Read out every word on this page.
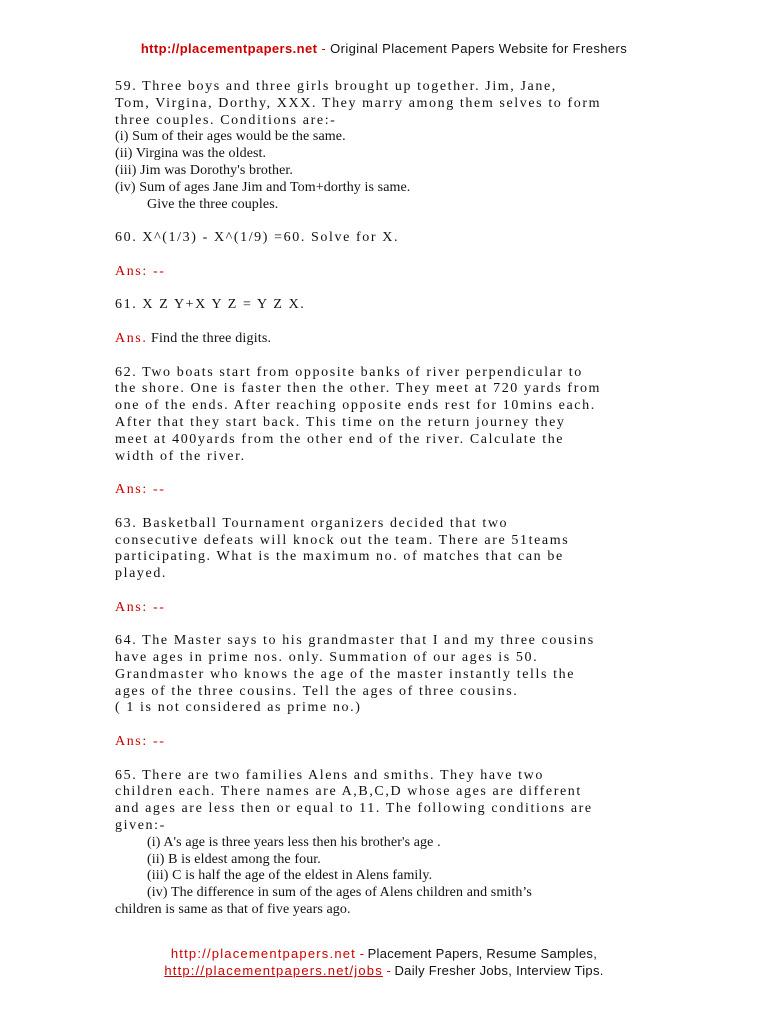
http://placementpapers.net - Original Placement Papers Website for Freshers

59. Three boys and three girls brought up together. Jim, Jane,

Tom, Virgina, Dorthy, XXX. They marry among them selves to form

three couples. Conditions are:-

(i) Sum of their ages would be the same.

(ii) Virgina was the oldest.

(iii) Jim was Dorothy's brother.

(iv) Sum of ages Jane Jim and Tom+dorthy is same.

Give the three couples.

60. X^(1/3) - X^(1/9) =60. Solve for X.

Ans: --

61. X Z Y+X Y Z = Y Z X.

Ans. Find the three digits.

62. Two boats start from opposite banks of river perpendicular to

the shore. One is faster then the other. They meet at 720 yards from

one of the ends. After reaching opposite ends rest for 10mins each.

After that they start back. This time on the return journey they

meet at 400yards from the other end of the river. Calculate the

width of the river.

Ans: --

63. Basketball Tournament organizers decided that two

consecutive defeats will knock out the team. There are 51teams

participating. What is the maximum no. of matches that can be

played.

Ans: --

64. The Master says to his grandmaster that I and my three cousins

have ages in prime nos. only. Summation of our ages is 50.

Grandmaster who knows the age of the master instantly tells the

ages of the three cousins. Tell the ages of three cousins.

( 1 is not considered as prime no.)

Ans: --

65. There are two families Alens and smiths. They have two

children each. There names are A,B,C,D whose ages are different

and ages are less then or equal to 11. The following conditions are

given:-

(i) A's age is three years less then his brother's age .

(ii) B is eldest among the four.

(iii) C is half the age of the eldest in Alens family.

(iv) The difference in sum of the ages of Alens children and smith’s

children is same as that of five years ago.

http://placementpapers.net - Placement Papers, Resume Samples,
http://placementpapers.net/jobs - Daily Fresher Jobs, Interview Tips.
